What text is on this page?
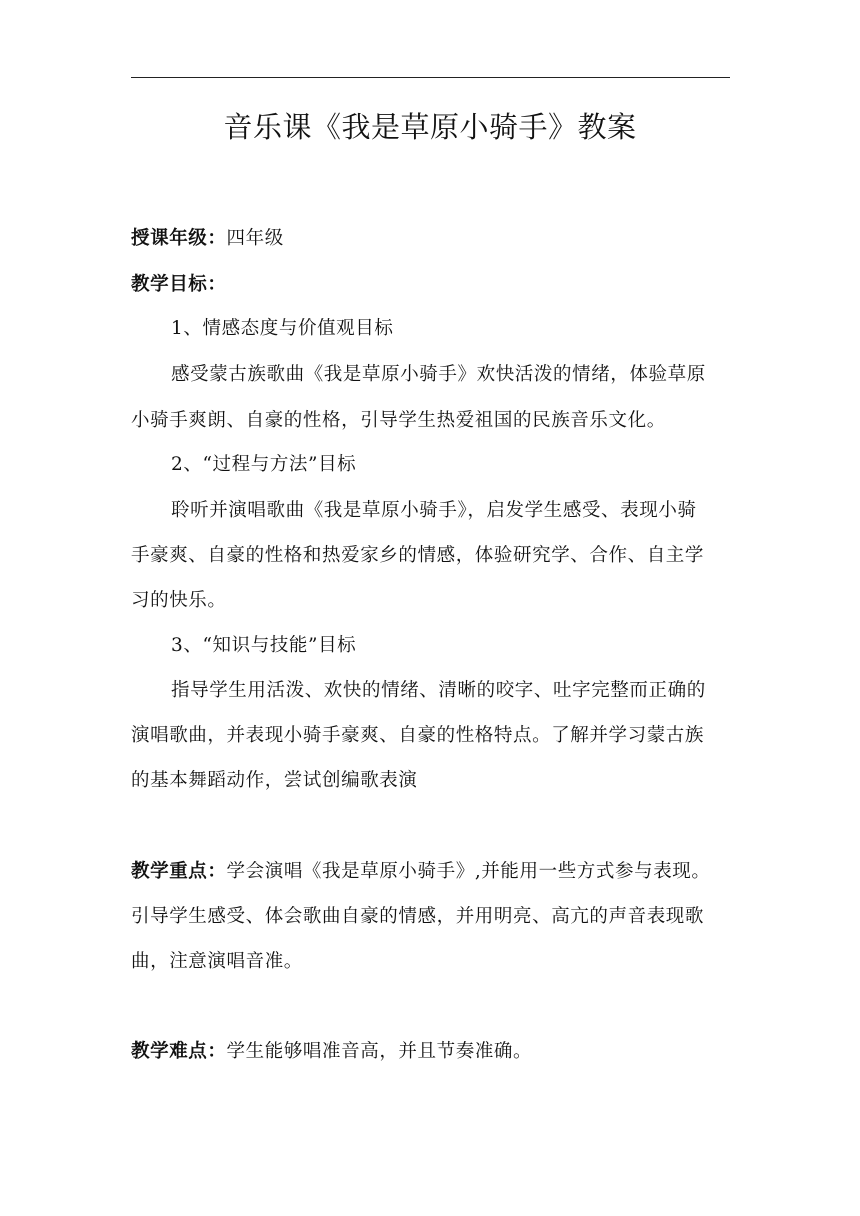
音乐课《我是草原小骑手》教案
授课年级：四年级
教学目标：
1、情感态度与价值观目标
感受蒙古族歌曲《我是草原小骑手》欢快活泼的情绪，体验草原
小骑手爽朗、自豪的性格，引导学生热爱祖国的民族音乐文化。
2、“过程与方法”目标
聆听并演唱歌曲《我是草原小骑手》，启发学生感受、表现小骑
手豪爽、自豪的性格和热爱家乡的情感，体验研究学、合作、自主学
习的快乐。
3、“知识与技能”目标
指导学生用活泼、欢快的情绪、清晰的咬字、吐字完整而正确的
演唱歌曲，并表现小骑手豪爽、自豪的性格特点。了解并学习蒙古族
的基本舞蹈动作，尝试创编歌表演
教学重点：学会演唱《我是草原小骑手》,并能用一些方式参与表现。
引导学生感受、体会歌曲自豪的情感，并用明亮、高亢的声音表现歌
曲，注意演唱音准。
教学难点：学生能够唱准音高，并且节奏准确。
